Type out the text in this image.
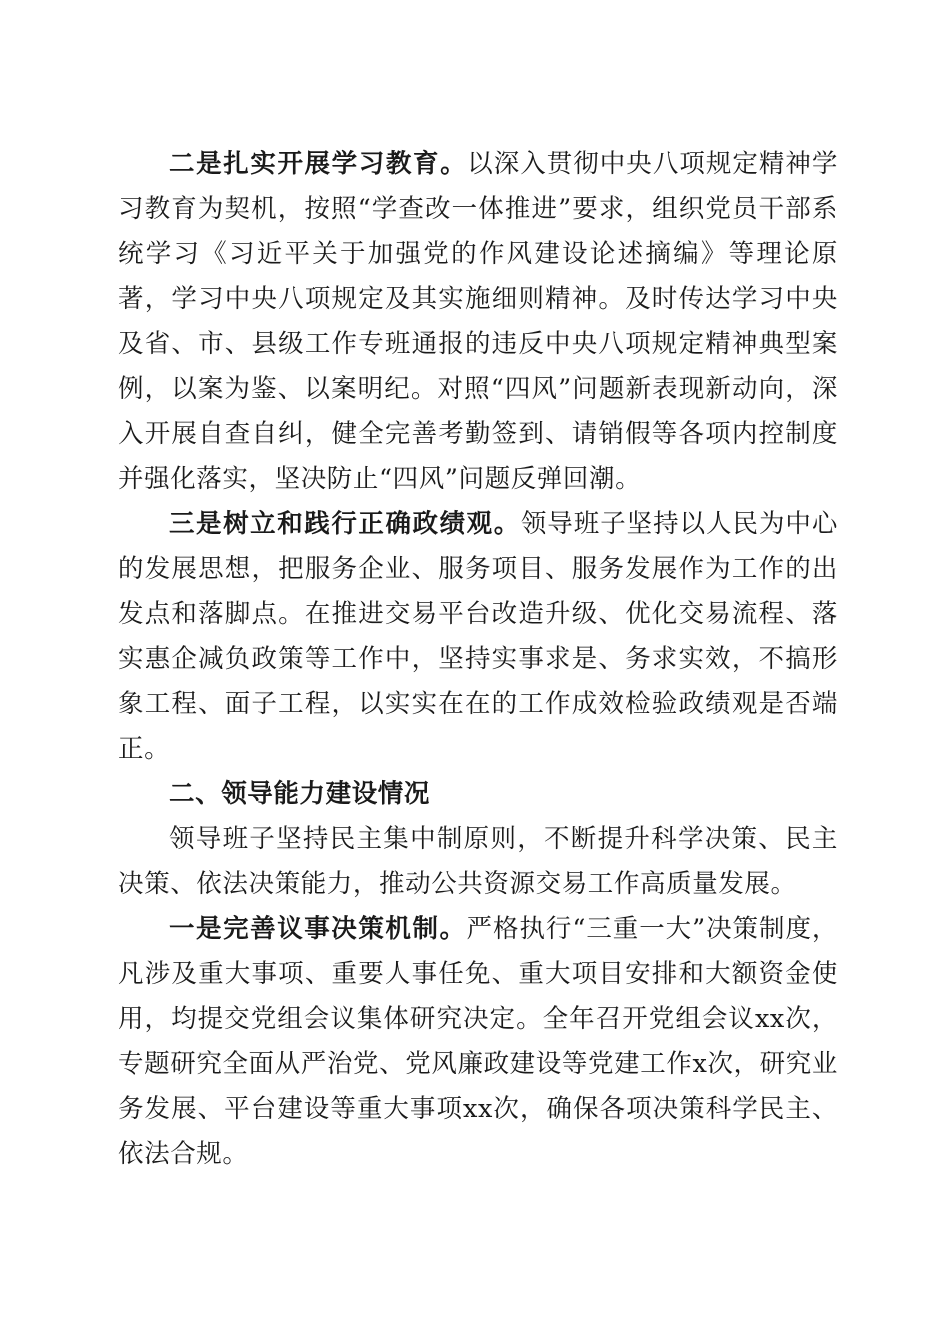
二是扎实开展学习教育。以深入贯彻中央八项规定精神学习教育为契机，按照“学查改一体推进”要求，组织党员干部系统学习《习近平关于加强党的作风建设论述摘编》等理论原著，学习中央八项规定及其实施细则精神。及时传达学习中央及省、市、县级工作专班通报的违反中央八项规定精神典型案例，以案为鉴、以案明纪。对照“四风”问题新表现新动向，深入开展自查自纠，健全完善考勤签到、请销假等各项内控制度并强化落实，坚决防止“四风”问题反弹回潮。

三是树立和践行正确政绩观。领导班子坚持以人民为中心的发展思想，把服务企业、服务项目、服务发展作为工作的出发点和落脚点。在推进交易平台改造升级、优化交易流程、落实惠企减负政策等工作中，坚持实事求是、务求实效，不搞形象工程、面子工程，以实实在在的工作成效检验政绩观是否端正。

二、领导能力建设情况

领导班子坚持民主集中制原则，不断提升科学决策、民主决策、依法决策能力，推动公共资源交易工作高质量发展。

一是完善议事决策机制。严格执行“三重一大”决策制度，凡涉及重大事项、重要人事任免、重大项目安排和大额资金使用，均提交党组会议集体研究决定。全年召开党组会议xx次，专题研究全面从严治党、党风廉政建设等党建工作x次，研究业务发展、平台建设等重大事项xx次，确保各项决策科学民主、依法合规。
